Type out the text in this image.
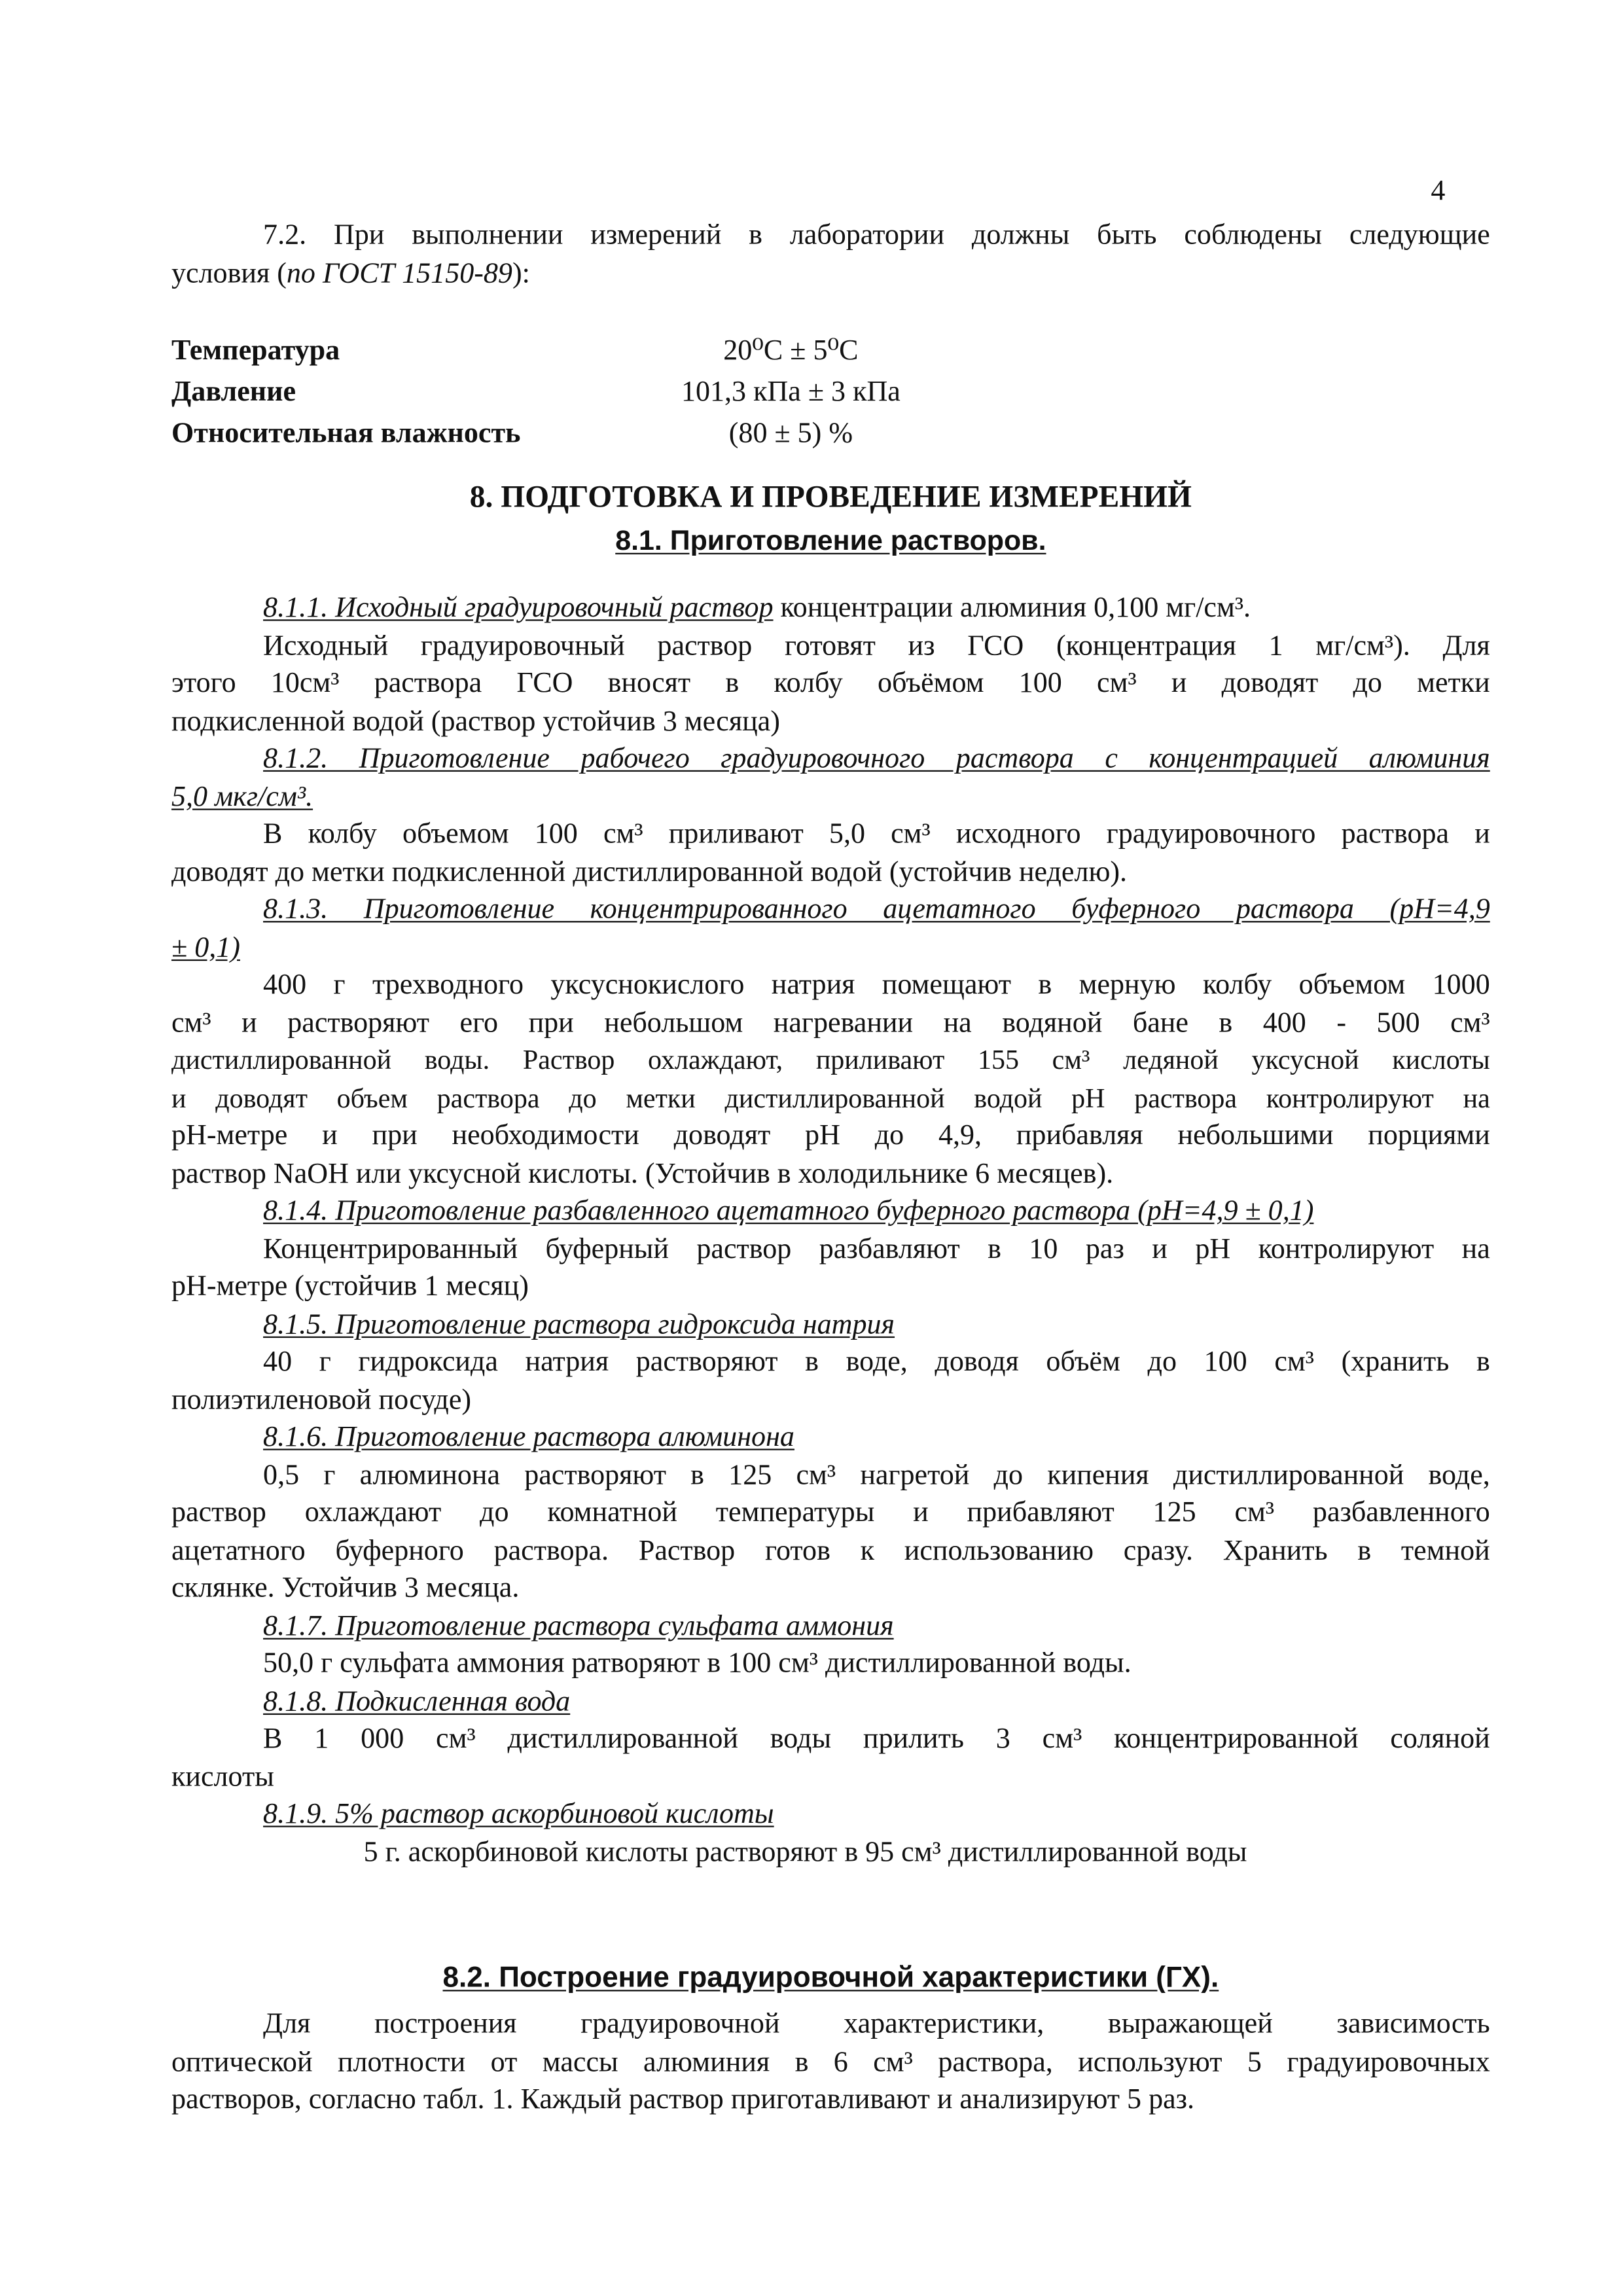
4
7.2. При выполнении измерений в лаборатории должны быть соблюдены следующие
условия (по ГОСТ 15150-89):
Температура	20⁰С ± 5⁰С
Давление	101,3 кПа ± 3 кПа
Относительная влажность	(80 ± 5) %
8. ПОДГОТОВКА И ПРОВЕДЕНИЕ ИЗМЕРЕНИЙ
8.1. Приготовление растворов.
8.1.1. Исходный градуировочный раствор концентрации алюминия 0,100 мг/см³.
Исходный градуировочный раствор готовят из ГСО (концентрация 1 мг/см³). Для
этого 10см³ раствора ГСО вносят в колбу объёмом 100 см³ и доводят до метки
подкисленной водой (раствор устойчив 3 месяца)
8.1.2. Приготовление рабочего градуировочного раствора с концентрацией алюминия
5,0 мкг/см³.
В колбу объемом 100 см³ приливают 5,0 см³ исходного градуировочного раствора и
доводят до метки подкисленной дистиллированной водой (устойчив неделю).
8.1.3. Приготовление концентрированного ацетатного буферного раствора (рН=4,9
± 0,1)
400 г трехводного уксуснокислого натрия помещают в мерную колбу объемом 1000
см³ и растворяют его при небольшом нагревании на водяной бане в 400 - 500 см³
дистиллированной воды. Раствор охлаждают, приливают 155 см³ ледяной уксусной кислоты
и доводят объем раствора до метки дистиллированной водой рН раствора контролируют на
рН-метре и при необходимости доводят рН до 4,9, прибавляя небольшими порциями
раствор NaOH или уксусной кислоты. (Устойчив в холодильнике 6 месяцев).
8.1.4. Приготовление разбавленного ацетатного буферного раствора (рН=4,9 ± 0,1)
Концентрированный буферный раствор разбавляют в 10 раз и рН контролируют на
рН-метре (устойчив 1 месяц)
8.1.5. Приготовление раствора гидроксида натрия
40 г гидроксида натрия растворяют в воде, доводя объём до 100 см³ (хранить в
полиэтиленовой посуде)
8.1.6. Приготовление раствора алюминона
0,5 г алюминона растворяют в 125 см³ нагретой до кипения дистиллированной воде,
раствор охлаждают до комнатной температуры и прибавляют 125 см³ разбавленного
ацетатного буферного раствора. Раствор готов к использованию сразу. Хранить в темной
склянке. Устойчив 3 месяца.
8.1.7. Приготовление раствора сульфата аммония
50,0 г сульфата аммония ратворяют в 100 см³ дистиллированной воды.
8.1.8. Подкисленная вода
В 1 000 см³ дистиллированной воды прилить 3 см³ концентрированной соляной
кислоты
8.1.9. 5% раствор аскорбиновой кислоты
5 г. аскорбиновой кислоты растворяют в 95 см³ дистиллированной воды
8.2. Построение градуировочной характеристики (ГХ).
Для построения градуировочной характеристики, выражающей зависимость
оптической плотности от массы алюминия в 6 см³ раствора, используют 5 градуировочных
растворов, согласно табл. 1. Каждый раствор приготавливают и анализируют 5 раз.
